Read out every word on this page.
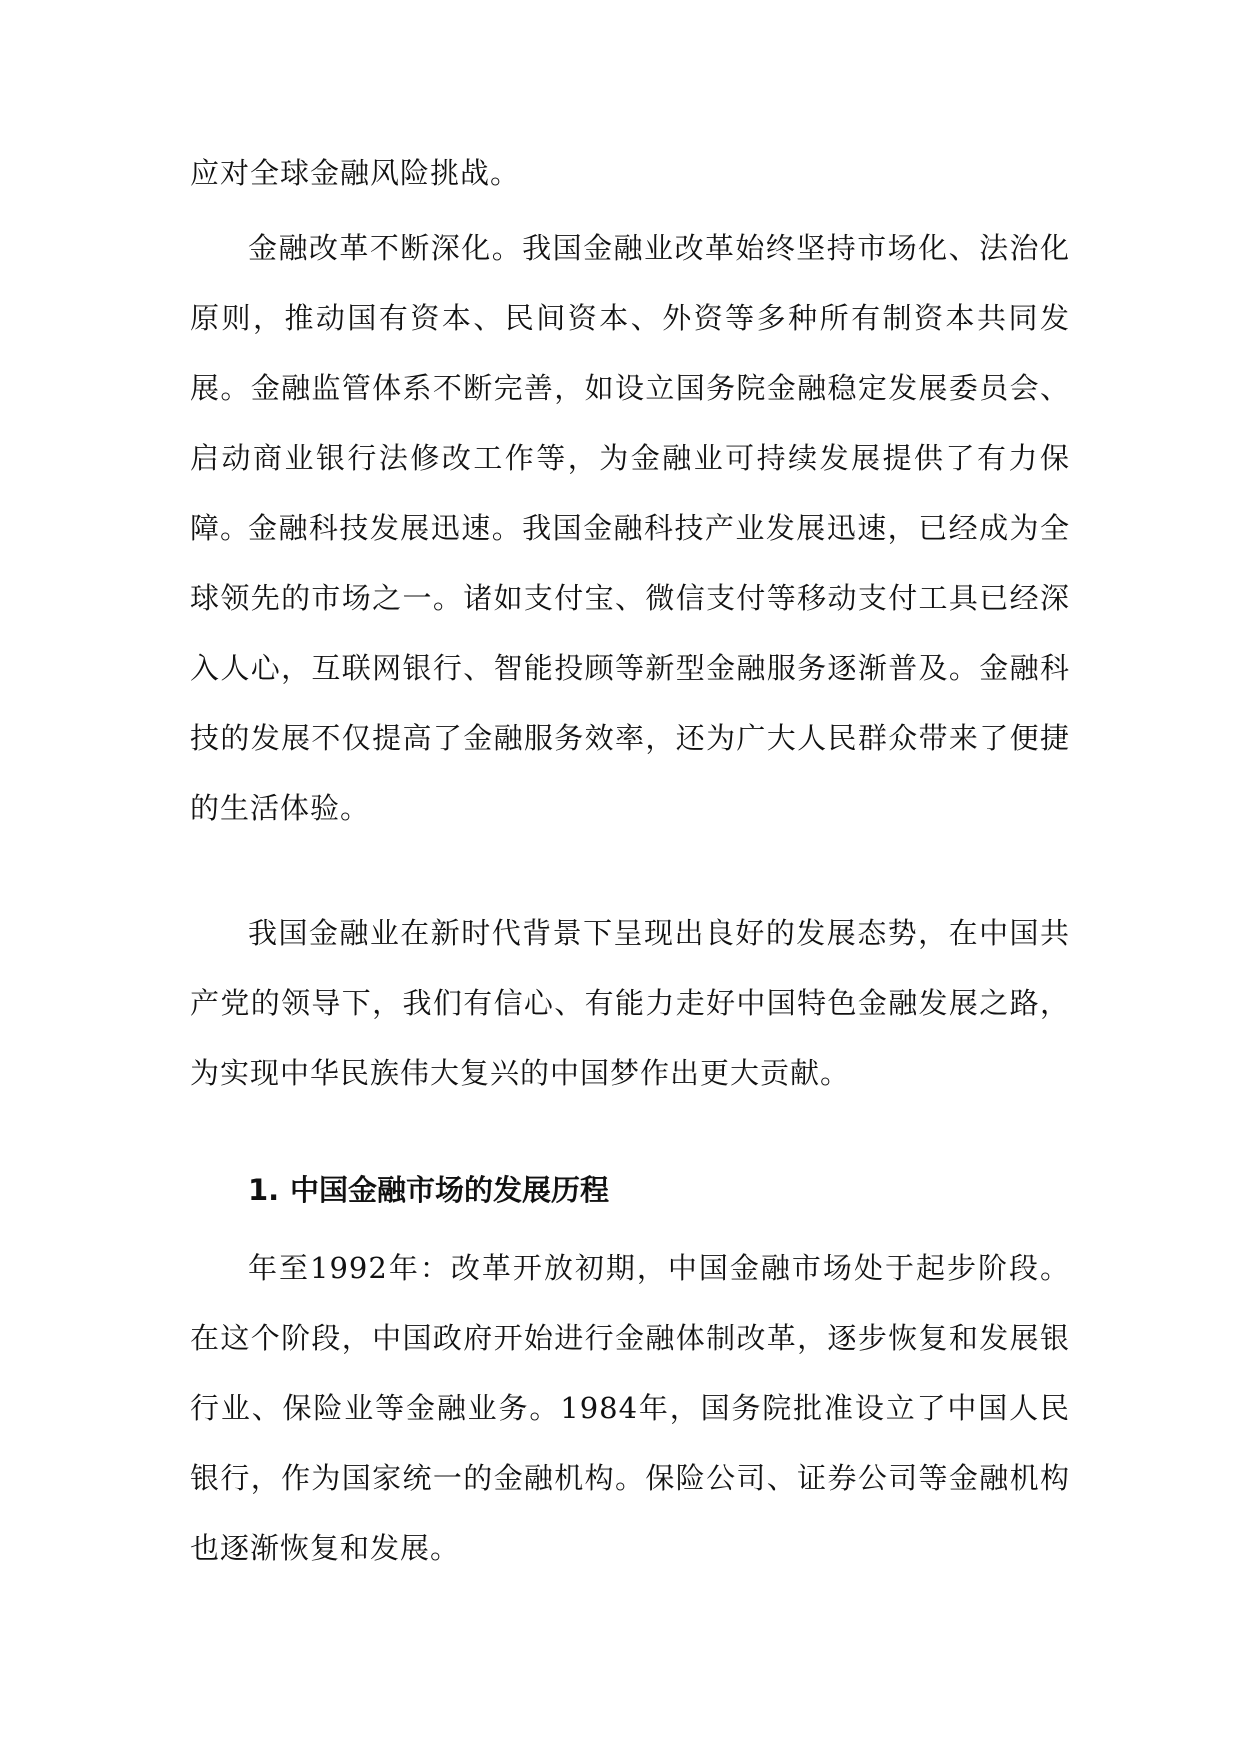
应对全球金融风险挑战。

金融改革不断深化。我国金融业改革始终坚持市场化、法治化原则，推动国有资本、民间资本、外资等多种所有制资本共同发展。金融监管体系不断完善，如设立国务院金融稳定发展委员会、启动商业银行法修改工作等，为金融业可持续发展提供了有力保障。

金融科技发展迅速。我国金融科技产业发展迅速，已经成为全球领先的市场之一。诸如支付宝、微信支付等移动支付工具已经深入人心，互联网银行、智能投顾等新型金融服务逐渐普及。金融科技的发展不仅提高了金融服务效率，还为广大人民群众带来了便捷的生活体验。

我国金融业在新时代背景下呈现出良好的发展态势，在中国共产党的领导下，我们有信心、有能力走好中国特色金融发展之路，为实现中华民族伟大复兴的中国梦作出更大贡献。

1. 中国金融市场的发展历程

年至1992年：改革开放初期，中国金融市场处于起步阶段。在这个阶段，中国政府开始进行金融体制改革，逐步恢复和发展银行业、保险业等金融业务。1984年，国务院批准设立了中国人民银行，作为国家统一的金融机构。保险公司、证券公司等金融机构也逐渐恢复和发展。
